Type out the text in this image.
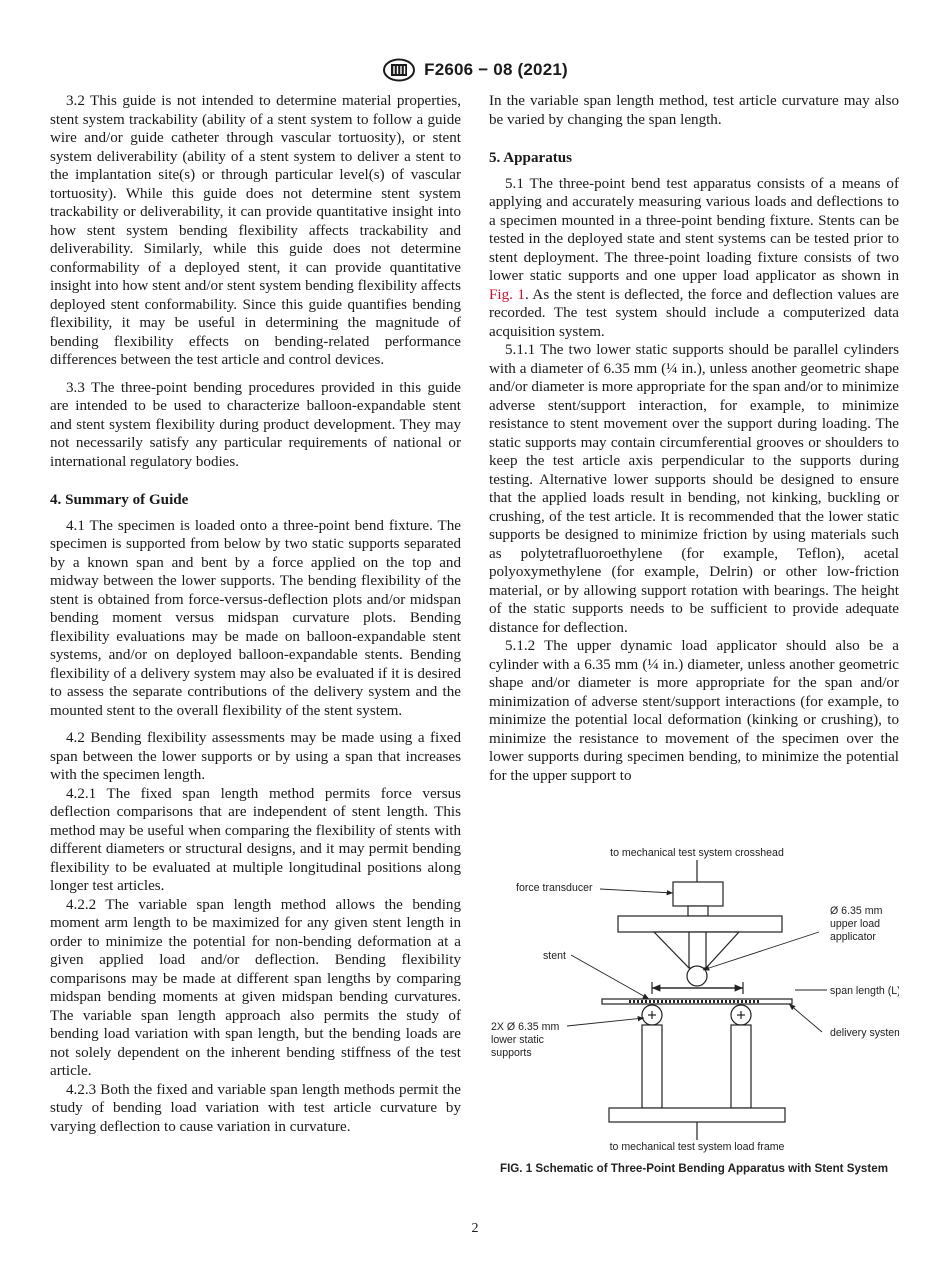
F2606 − 08 (2021)

3.2 This guide is not intended to determine material properties, stent system trackability (ability of a stent system to follow a guide wire and/or guide catheter through vascular tortuosity), or stent system deliverability (ability of a stent system to deliver a stent to the implantation site(s) or through particular level(s) of vascular tortuosity). While this guide does not determine stent system trackability or deliverability, it can provide quantitative insight into how stent system bending flexibility affects trackability and deliverability. Similarly, while this guide does not determine conformability of a deployed stent, it can provide quantitative insight into how stent and/or stent system bending flexibility affects deployed stent conformability. Since this guide quantifies bending flexibility, it may be useful in determining the magnitude of bending flexibility effects on bending-related performance differences between the test article and control devices.

3.3 The three-point bending procedures provided in this guide are intended to be used to characterize balloon-expandable stent and stent system flexibility during product development. They may not necessarily satisfy any particular requirements of national or international regulatory bodies.

4. Summary of Guide

4.1 The specimen is loaded onto a three-point bend fixture. The specimen is supported from below by two static supports separated by a known span and bent by a force applied on the top and midway between the lower supports. The bending flexibility of the stent is obtained from force-versus-deflection plots and/or midspan bending moment versus midspan curvature plots. Bending flexibility evaluations may be made on balloon-expandable stent systems, and/or on deployed balloon-expandable stents. Bending flexibility of a delivery system may also be evaluated if it is desired to assess the separate contributions of the delivery system and the mounted stent to the overall flexibility of the stent system.

4.2 Bending flexibility assessments may be made using a fixed span between the lower supports or by using a span that increases with the specimen length.

4.2.1 The fixed span length method permits force versus deflection comparisons that are independent of stent length. This method may be useful when comparing the flexibility of stents with different diameters or structural designs, and it may permit bending flexibility to be evaluated at multiple longitudinal positions along longer test articles.

4.2.2 The variable span length method allows the bending moment arm length to be maximized for any given stent length in order to minimize the potential for non-bending deformation at a given applied load and/or deflection. Bending flexibility comparisons may be made at different span lengths by comparing midspan bending moments at given midspan bending curvatures. The variable span length approach also permits the study of bending load variation with span length, but the bending loads are not solely dependent on the inherent bending stiffness of the test article.

4.2.3 Both the fixed and variable span length methods permit the study of bending load variation with test article curvature by varying deflection to cause variation in curvature.

In the variable span length method, test article curvature may also be varied by changing the span length.

5. Apparatus

5.1 The three-point bend test apparatus consists of a means of applying and accurately measuring various loads and deflections to a specimen mounted in a three-point bending fixture. Stents can be tested in the deployed state and stent systems can be tested prior to stent deployment. The three-point loading fixture consists of two lower static supports and one upper load applicator as shown in Fig. 1. As the stent is deflected, the force and deflection values are recorded. The test system should include a computerized data acquisition system.

5.1.1 The two lower static supports should be parallel cylinders with a diameter of 6.35 mm (¼ in.), unless another geometric shape and/or diameter is more appropriate for the span and/or to minimize adverse stent/support interaction, for example, to minimize resistance to stent movement over the support during loading. The static supports may contain circumferential grooves or shoulders to keep the test article axis perpendicular to the supports during testing. Alternative lower supports should be designed to ensure that the applied loads result in bending, not kinking, buckling or crushing, of the test article. It is recommended that the lower static supports be designed to minimize friction by using materials such as polytetrafluoroethylene (for example, Teflon), acetal polyoxymethylene (for example, Delrin) or other low-friction material, or by allowing support rotation with bearings. The height of the static supports needs to be sufficient to provide adequate distance for deflection.

5.1.2 The upper dynamic load applicator should also be a cylinder with a 6.35 mm (¼ in.) diameter, unless another geometric shape and/or diameter is more appropriate for the span and/or minimization of adverse stent/support interactions (for example, to minimize the potential local deformation (kinking or crushing), to minimize the resistance to movement of the specimen over the lower supports during specimen bending, to minimize the potential for the upper support to

to mechanical test system crosshead
force transducer
Ø 6.35 mm
upper load
applicator
stent
span length (L)
2X Ø 6.35 mm
lower static
supports
delivery system
to mechanical test system load frame
FIG. 1 Schematic of Three-Point Bending Apparatus with Stent System
2
